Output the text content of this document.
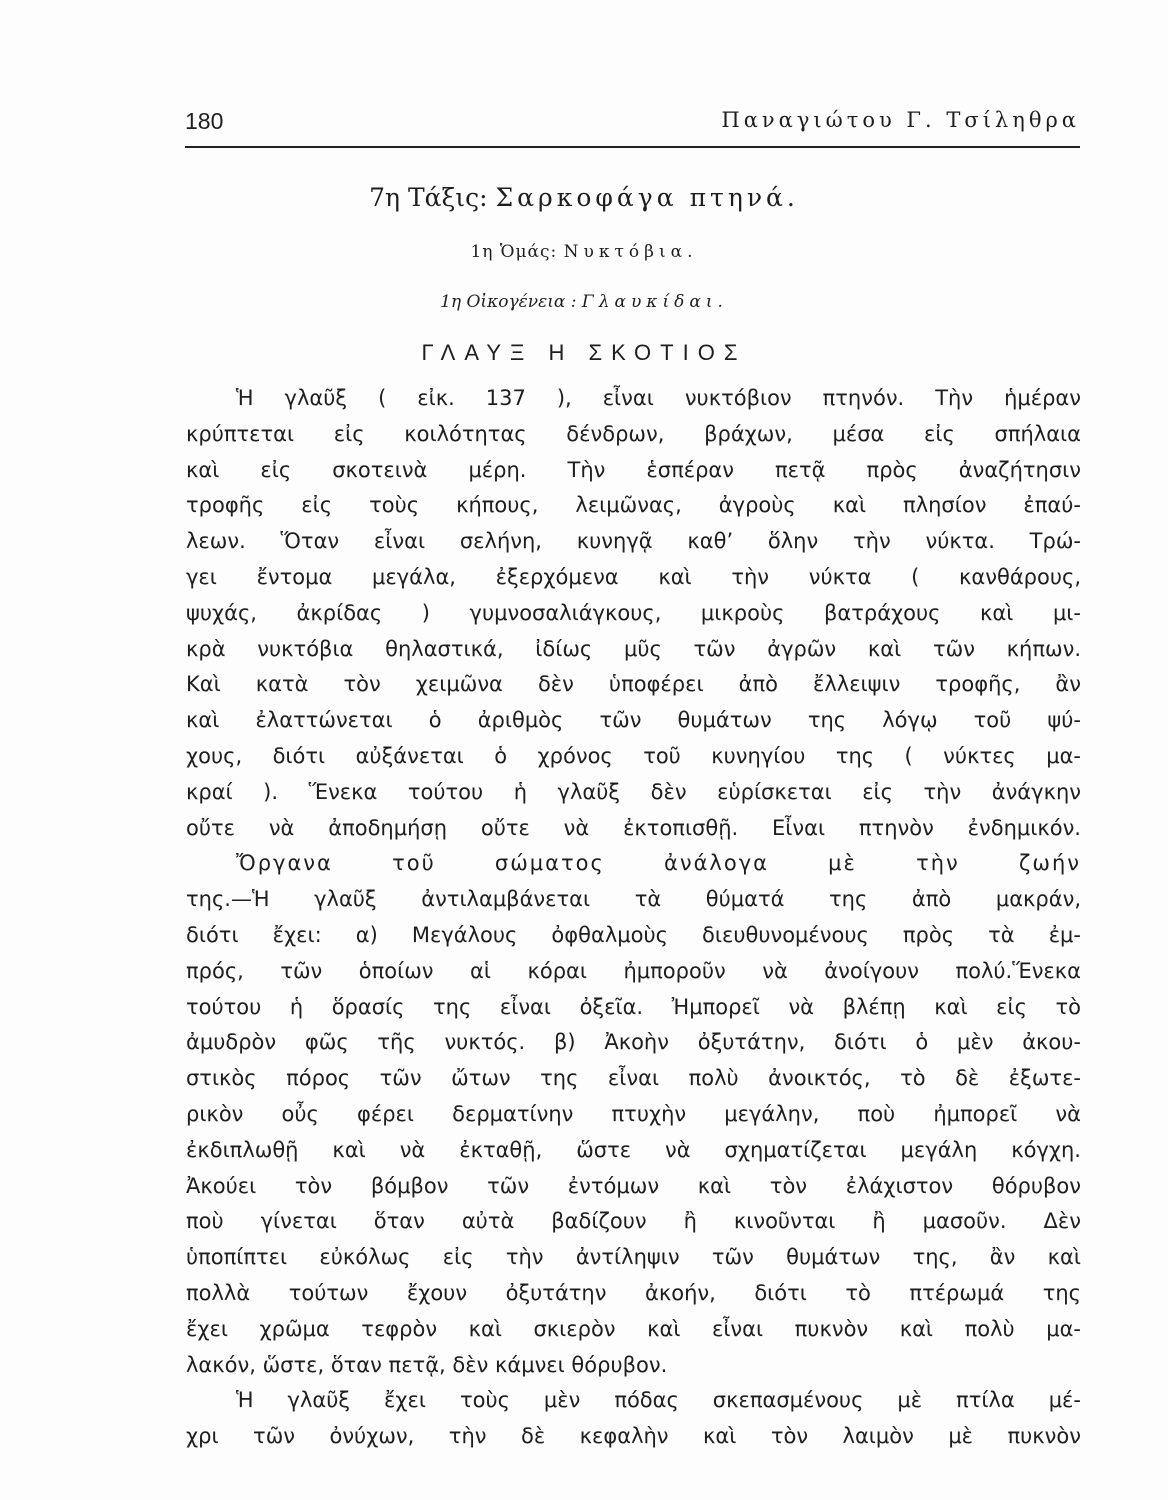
180	Παναγιώτου Γ. Τσίληθρα
7η Τάξις: Σαρκοφάγα πτηνά.
1η Ὁμάς: Νυκτόβια.
1η Οἰκογένεια : Γλαυκίδαι.
ΓΛΑΥΞ Η ΣΚΟΤΙΟΣ
Ἡ γλαῦξ ( εἰκ. 137 ), εἶναι νυκτόβιον πτηνόν. Τὴν ἡμέραν
κρύπτεται εἰς κοιλότητας δένδρων, βράχων, μέσα εἰς σπήλαια
καὶ εἰς σκοτεινὰ μέρη. Τὴν ἑσπέραν πετᾷ πρὸς ἀναζήτησιν
τροφῆς εἰς τοὺς κήπους, λειμῶνας, ἀγροὺς καὶ πλησίον ἐπαύ-
λεων. Ὅταν εἶναι σελήνη, κυνηγᾷ καθ’ ὅλην τὴν νύκτα. Τρώ-
γει ἔντομα μεγάλα, ἐξερχόμενα καὶ τὴν νύκτα ( κανθάρους,
ψυχάς, ἀκρίδας ) γυμνοσαλιάγκους, μικροὺς βατράχους καὶ μι-
κρὰ νυκτόβια θηλαστικά, ἰδίως μῦς τῶν ἀγρῶν καὶ τῶν κήπων.
Καὶ κατὰ τὸν χειμῶνα δὲν ὑποφέρει ἀπὸ ἔλλειψιν τροφῆς, ἂν
καὶ ἐλαττώνεται ὁ ἀριθμὸς τῶν θυμάτων της λόγῳ τοῦ ψύ-
χους, διότι αὐξάνεται ὁ χρόνος τοῦ κυνηγίου της ( νύκτες μα-
κραί ). Ἕνεκα τούτου ἡ γλαῦξ δὲν εὑρίσκεται εἰς τὴν ἀνάγκην
οὔτε νὰ ἀποδημήσῃ οὔτε νὰ ἐκτοπισθῇ. Εἶναι πτηνὸν ἐνδημικόν.
Ὄργανα τοῦ σώματος ἀνάλογα μὲ τὴν ζωήν
της.—Ἡ γλαῦξ ἀντιλαμβάνεται τὰ θύματά της ἀπὸ μακράν,
διότι ἔχει: α) Μεγάλους ὀφθαλμοὺς διευθυνομένους πρὸς τὰ ἐμ-
πρός, τῶν ὁποίων αἱ κόραι ἠμποροῦν νὰ ἀνοίγουν πολύ.Ἕνεκα
τούτου ἡ ὅρασίς της εἶναι ὀξεῖα. Ἠμπορεῖ νὰ βλέπῃ καὶ εἰς τὸ
ἀμυδρὸν φῶς τῆς νυκτός. β) Ἀκοὴν ὀξυτάτην, διότι ὁ μὲν ἀκου-
στικὸς πόρος τῶν ὤτων της εἶναι πολὺ ἀνοικτός, τὸ δὲ ἐξωτε-
ρικὸν οὖς φέρει δερματίνην πτυχὴν μεγάλην, ποὺ ἠμπορεῖ νὰ
ἐκδιπλωθῇ καὶ νὰ ἐκταθῇ, ὥστε νὰ σχηματίζεται μεγάλη κόγχη.
Ἀκούει τὸν βόμβον τῶν ἐντόμων καὶ τὸν ἐλάχιστον θόρυβον
ποὺ γίνεται ὅταν αὐτὰ βαδίζουν ἢ κινοῦνται ἢ μασοῦν. Δὲν
ὑποπίπτει εὐκόλως εἰς τὴν ἀντίληψιν τῶν θυμάτων της, ἂν καὶ
πολλὰ τούτων ἔχουν ὀξυτάτην ἀκοήν, διότι τὸ πτέρωμά της
ἔχει χρῶμα τεφρὸν καὶ σκιερὸν καὶ εἶναι πυκνὸν καὶ πολὺ μα-
λακόν, ὥστε, ὅταν πετᾷ, δὲν κάμνει θόρυβον.
Ἡ γλαῦξ ἔχει τοὺς μὲν πόδας σκεπασμένους μὲ πτίλα μέ-
χρι τῶν ὀνύχων, τὴν δὲ κεφαλὴν καὶ τὸν λαιμὸν μὲ πυκνὸν
